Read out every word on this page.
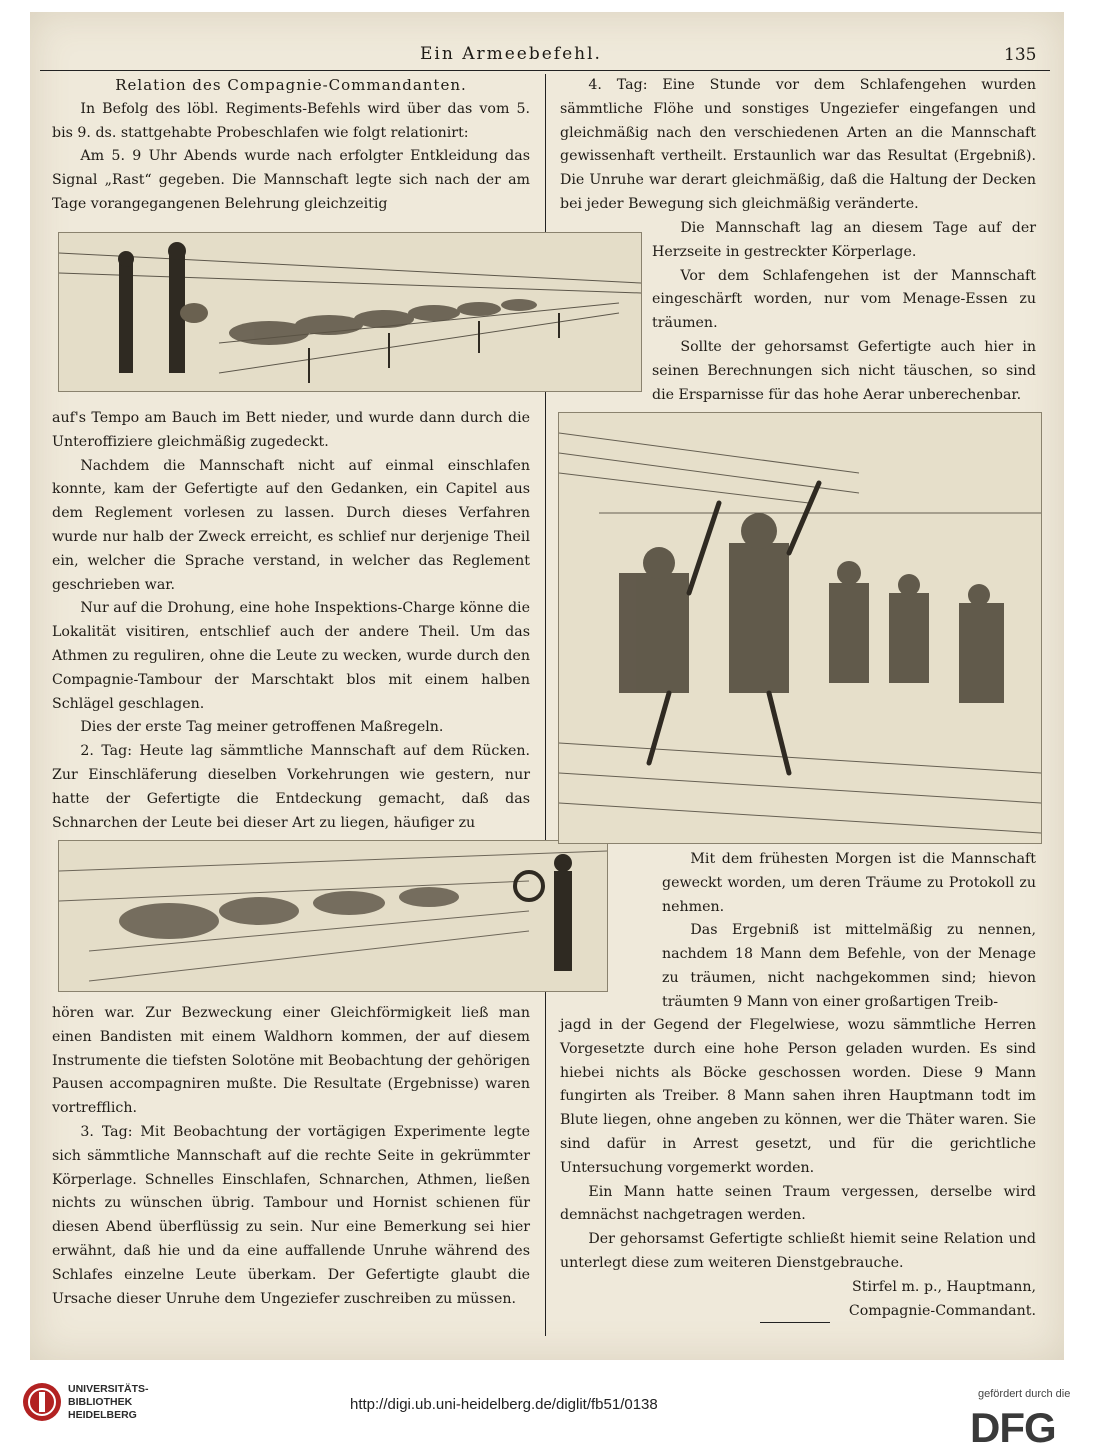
Ein Armeebefehl.	135

Relation des Compagnie-Commandanten.

In Befolg des löbl. Regiments-Befehls wird über das vom 5. bis 9. ds. stattgehabte Probeschlafen wie folgt relationirt:

Am 5. 9 Uhr Abends wurde nach erfolgter Entkleidung das Signal „Rast“ gegeben. Die Mannschaft legte sich nach der am Tage vorangegangenen Belehrung gleichzeitig

auf's Tempo am Bauch im Bett nieder, und wurde dann durch die Unteroffiziere gleichmäßig zugedeckt.

Nachdem die Mannschaft nicht auf einmal einschlafen konnte, kam der Gefertigte auf den Gedanken, ein Capitel aus dem Reglement vorlesen zu lassen. Durch dieses Verfahren wurde nur halb der Zweck erreicht, es schlief nur derjenige Theil ein, welcher die Sprache verstand, in welcher das Reglement geschrieben war.

Nur auf die Drohung, eine hohe Inspektions-Charge könne die Lokalität visitiren, entschlief auch der andere Theil. Um das Athmen zu reguliren, ohne die Leute zu wecken, wurde durch den Compagnie-Tambour der Marschtakt blos mit einem halben Schlägel geschlagen.

Dies der erste Tag meiner getroffenen Maßregeln.

2. Tag: Heute lag sämmtliche Mannschaft auf dem Rücken. Zur Einschläferung dieselben Vorkehrungen wie gestern, nur hatte der Gefertigte die Entdeckung gemacht, daß das Schnarchen der Leute bei dieser Art zu liegen, häufiger zu

hören war. Zur Bezweckung einer Gleichförmigkeit ließ man einen Bandisten mit einem Waldhorn kommen, der auf diesem Instrumente die tiefsten Solotöne mit Beobachtung der gehörigen Pausen accompagniren mußte. Die Resultate (Ergebnisse) waren vortrefflich.

3. Tag: Mit Beobachtung der vortägigen Experimente legte sich sämmtliche Mannschaft auf die rechte Seite in gekrümmter Körperlage. Schnelles Einschlafen, Schnarchen, Athmen, ließen nichts zu wünschen übrig. Tambour und Hornist schienen für diesen Abend überflüssig zu sein. Nur eine Bemerkung sei hier erwähnt, daß hie und da eine auffallende Unruhe während des Schlafes einzelne Leute überkam. Der Gefertigte glaubt die Ursache dieser Unruhe dem Ungeziefer zuschreiben zu müssen.

4. Tag: Eine Stunde vor dem Schlafengehen wurden sämmtliche Flöhe und sonstiges Ungeziefer eingefangen und gleichmäßig nach den verschiedenen Arten an die Mannschaft gewissenhaft vertheilt. Erstaunlich war das Resultat (Ergebniß). Die Unruhe war derart gleichmäßig, daß die Haltung der Decken bei jeder Bewegung sich gleichmäßig veränderte.

Die Mannschaft lag an diesem Tage auf der Herzseite in gestreckter Körperlage.

Vor dem Schlafengehen ist der Mannschaft eingeschärft worden, nur vom Menage-Essen zu träumen.

Sollte der gehorsamst Gefertigte auch hier in seinen Berechnungen sich nicht täuschen, so sind die Ersparnisse für das hohe Aerar unberechenbar.

Mit dem frühesten Morgen ist die Mannschaft geweckt worden, um deren Träume zu Protokoll zu nehmen.

Das Ergebniß ist mittelmäßig zu nennen, nachdem 18 Mann dem Befehle, von der Menage zu träumen, nicht nachgekommen sind; hievon träumten 9 Mann von einer großartigen Treib-

jagd in der Gegend der Flegelwiese, wozu sämmtliche Herren Vorgesetzte durch eine hohe Person geladen wurden. Es sind hiebei nichts als Böcke geschossen worden. Diese 9 Mann fungirten als Treiber. 8 Mann sahen ihren Hauptmann todt im Blute liegen, ohne angeben zu können, wer die Thäter waren. Sie sind dafür in Arrest gesetzt, und für die gerichtliche Untersuchung vorgemerkt worden.

Ein Mann hatte seinen Traum vergessen, derselbe wird demnächst nachgetragen werden.

Der gehorsamst Gefertigte schließt hiemit seine Relation und unterlegt diese zum weiteren Dienstgebrauche.

Stirfel m. p., Hauptmann,

Compagnie-Commandant.

UNIVERSITÄTS-
BIBLIOTHEK
HEIDELBERG
http://digi.ub.uni-heidelberg.de/diglit/fb51/0138
gefördert durch die
DFG
